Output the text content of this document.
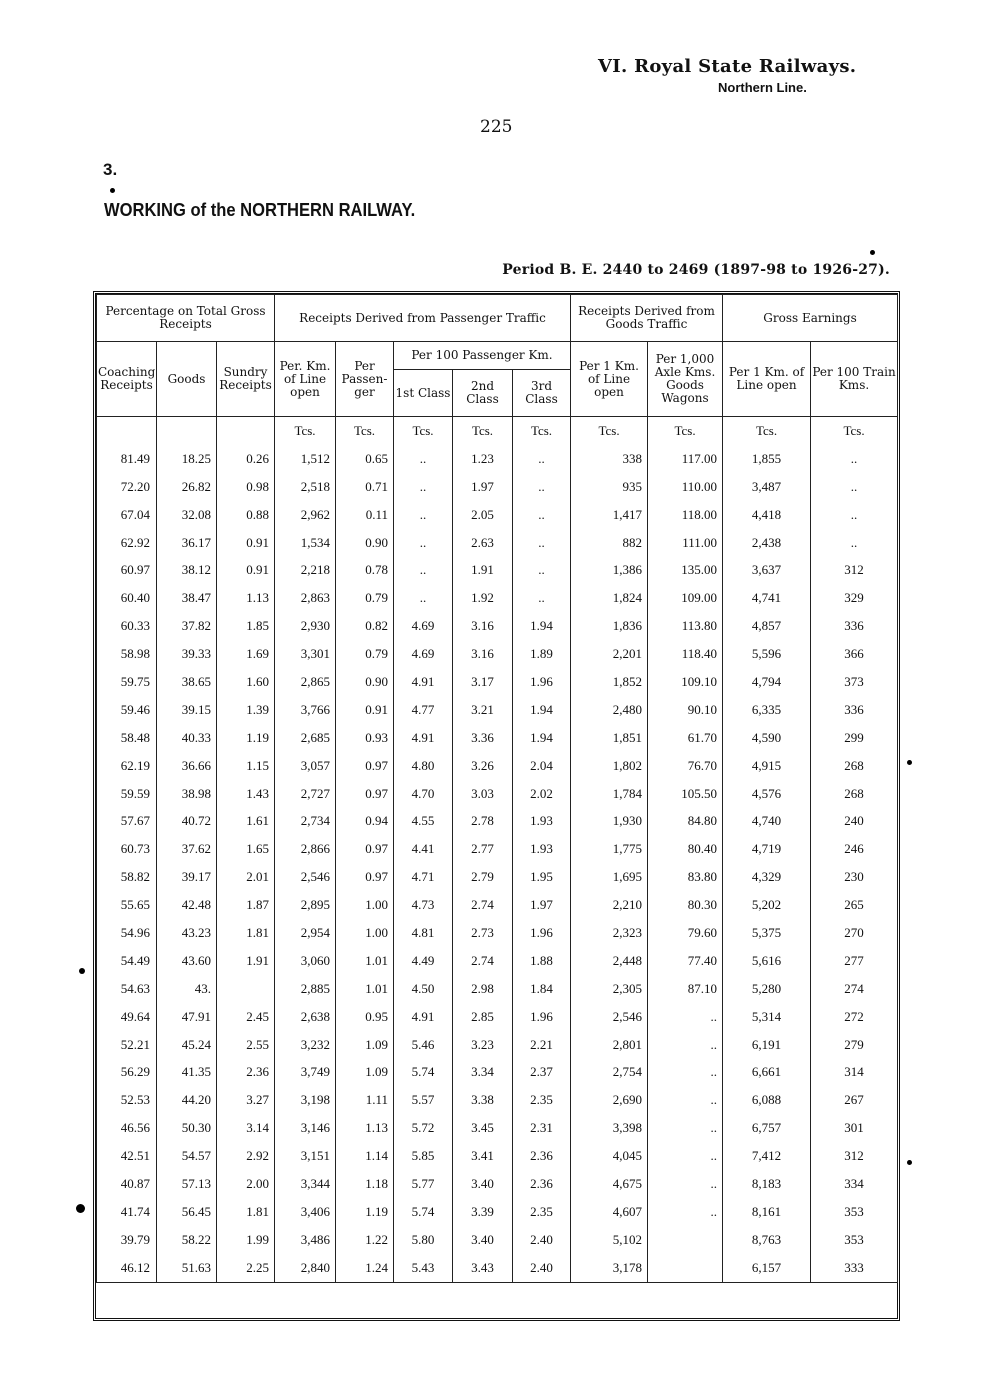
VI. Royal State Railways.
Northern Line.
225
3.
WORKING of the NORTHERN RAILWAY.
Period B. E. 2440 to 2469 (1897-98 to 1926-27).
Percentage on Total Gross Receipts			Receipts Derived from Passenger Traffic					Receipts Derived from Goods Traffic		Gross Earnings	
Coaching Receipts	Goods	Sundry Receipts	Per. Km. of Line open	Per Passen- ger	Per 100 Passenger Km.			Per 1 Km. of Line open	Per 1,000 Axle Kms. Goods Wagons	Per 1 Km. of Line open	Per 100 Train Kms.
					1st Class	2nd Class	3rd Class				
			Tcs.	Tcs.	Tcs.	Tcs.	Tcs.	Tcs.	Tcs.	Tcs.	Tcs.
81.49	18.25	0.26	1,512	0.65	..	1.23	..	338	117.00	1,855	..
72.20	26.82	0.98	2,518	0.71	..	1.97	..	935	110.00	3,487	..
67.04	32.08	0.88	2,962	0.11	..	2.05	..	1,417	118.00	4,418	..
62.92	36.17	0.91	1,534	0.90	..	2.63	..	882	111.00	2,438	..
60.97	38.12	0.91	2,218	0.78	..	1.91	..	1,386	135.00	3,637	312
60.40	38.47	1.13	2,863	0.79	..	1.92	..	1,824	109.00	4,741	329
60.33	37.82	1.85	2,930	0.82	4.69	3.16	1.94	1,836	113.80	4,857	336
58.98	39.33	1.69	3,301	0.79	4.69	3.16	1.89	2,201	118.40	5,596	366
59.75	38.65	1.60	2,865	0.90	4.91	3.17	1.96	1,852	109.10	4,794	373
59.46	39.15	1.39	3,766	0.91	4.77	3.21	1.94	2,480	90.10	6,335	336
58.48	40.33	1.19	2,685	0.93	4.91	3.36	1.94	1,851	61.70	4,590	299
62.19	36.66	1.15	3,057	0.97	4.80	3.26	2.04	1,802	76.70	4,915	268
59.59	38.98	1.43	2,727	0.97	4.70	3.03	2.02	1,784	105.50	4,576	268
57.67	40.72	1.61	2,734	0.94	4.55	2.78	1.93	1,930	84.80	4,740	240
60.73	37.62	1.65	2,866	0.97	4.41	2.77	1.93	1,775	80.40	4,719	246
58.82	39.17	2.01	2,546	0.97	4.71	2.79	1.95	1,695	83.80	4,329	230
55.65	42.48	1.87	2,895	1.00	4.73	2.74	1.97	2,210	80.30	5,202	265
54.96	43.23	1.81	2,954	1.00	4.81	2.73	1.96	2,323	79.60	5,375	270
54.49	43.60	1.91	3,060	1.01	4.49	2.74	1.88	2,448	77.40	5,616	277
54.63	43.		2,885	1.01	4.50	2.98	1.84	2,305	87.10	5,280	274
49.64	47.91	2.45	2,638	0.95	4.91	2.85	1.96	2,546	..	5,314	272
52.21	45.24	2.55	3,232	1.09	5.46	3.23	2.21	2,801	..	6,191	279
56.29	41.35	2.36	3,749	1.09	5.74	3.34	2.37	2,754	..	6,661	314
52.53	44.20	3.27	3,198	1.11	5.57	3.38	2.35	2,690	..	6,088	267
46.56	50.30	3.14	3,146	1.13	5.72	3.45	2.31	3,398	..	6,757	301
42.51	54.57	2.92	3,151	1.14	5.85	3.41	2.36	4,045	..	7,412	312
40.87	57.13	2.00	3,344	1.18	5.77	3.40	2.36	4,675	..	8,183	334
41.74	56.45	1.81	3,406	1.19	5.74	3.39	2.35	4,607	..	8,161	353
39.79	58.22	1.99	3,486	1.22	5.80	3.40	2.40	5,102		8,763	353
46.12	51.63	2.25	2,840	1.24	5.43	3.43	2.40	3,178		6,157	333
